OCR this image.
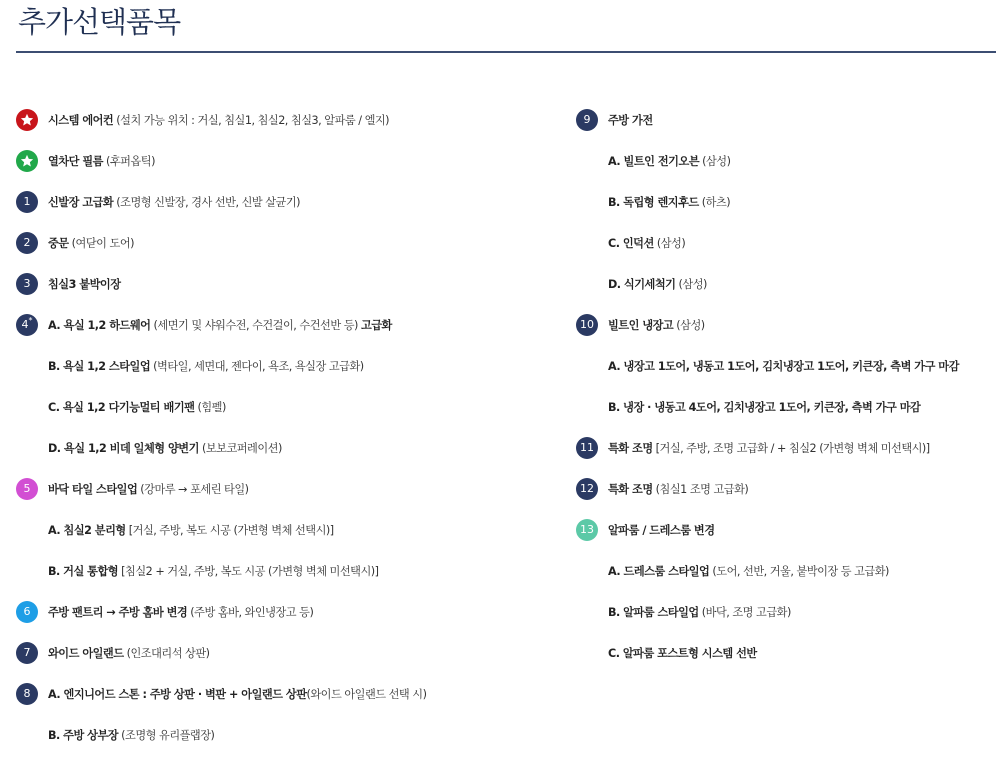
추가선택품목
시스템 에어컨 (설치 가능 위치 : 거실, 침실1, 침실2, 침실3, 알파룸 / 엘지)
열차단 필름 (후퍼옵틱)
1 신발장 고급화 (조명형 신발장, 경사 선반, 신발 살균기)
2 중문 (여닫이 도어)
3 침실3 붙박이장
4 * A. 욕실 1,2 하드웨어 (세면기 및 샤워수전, 수건걸이, 수건선반 등) 고급화
B. 욕실 1,2 스타일업 (벽타일, 세면대, 젠다이, 욕조, 욕실장 고급화)
C. 욕실 1,2 다기능멀티 배기팬 (힘펠)
D. 욕실 1,2 비데 일체형 양변기 (보보코퍼레이션)
5 바닥 타일 스타일업 (강마루 → 포세린 타일)
A. 침실2 분리형 [거실, 주방, 복도 시공 (가변형 벽체 선택시)]
B. 거실 통합형 [침실2 + 거실, 주방, 복도 시공 (가변형 벽체 미선택시)]
6 주방 팬트리 → 주방 홈바 변경 (주방 홈바, 와인냉장고 등)
7 와이드 아일랜드 (인조대리석 상판)
8 A. 엔지니어드 스톤 : 주방 상판 · 벽판 + 아일랜드 상판(와이드 아일랜드 선택 시)
B. 주방 상부장 (조명형 유리플랩장)
9 주방 가전
A. 빌트인 전기오븐 (삼성)
B. 독립형 렌지후드 (하츠)
C. 인덕션 (삼성)
D. 식기세척기 (삼성)
10 빌트인 냉장고 (삼성)
A. 냉장고 1도어, 냉동고 1도어, 김치냉장고 1도어, 키큰장, 측벽 가구 마감
B. 냉장 · 냉동고 4도어, 김치냉장고 1도어, 키큰장, 측벽 가구 마감
11 특화 조명 [거실, 주방, 조명 고급화 / + 침실2 (가변형 벽체 미선택시)]
12 특화 조명 (침실1 조명 고급화)
13 알파룸 / 드레스룸 변경
A. 드레스룸 스타일업 (도어, 선반, 거울, 붙박이장 등 고급화)
B. 알파룸 스타일업 (바닥, 조명 고급화)
C. 알파룸 포스트형 시스템 선반
